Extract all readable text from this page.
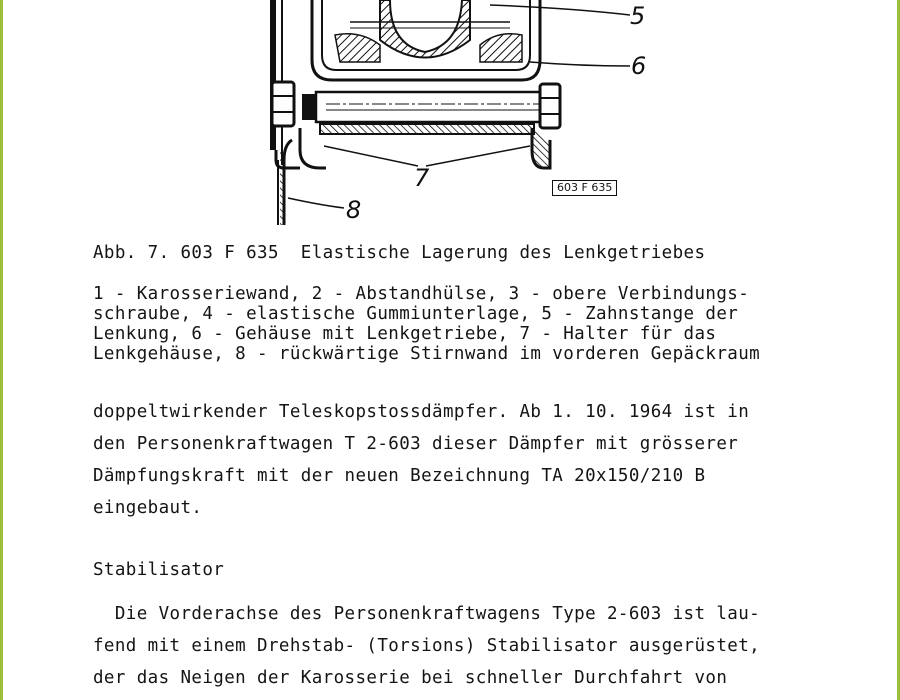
5
6
7
8
603 F 635
Abb. 7. 603 F 635  Elastische Lagerung des Lenkgetriebes
1 - Karosseriewand, 2 - Abstandhülse, 3 - obere Verbindungs-
schraube, 4 - elastische Gummiunterlage, 5 - Zahnstange der
Lenkung, 6 - Gehäuse mit Lenkgetriebe, 7 - Halter für das
Lenkgehäuse, 8 - rückwärtige Stirnwand im vorderen Gepäckraum
doppeltwirkender Teleskopstossdämpfer. Ab 1. 10. 1964 ist in
den Personenkraftwagen T 2-603 dieser Dämpfer mit grösserer
Dämpfungskraft mit der neuen Bezeichnung TA 20x150/210 B
eingebaut.
Stabilisator
Die Vorderachse des Personenkraftwagens Type 2-603 ist lau-
fend mit einem Drehstab- (Torsions) Stabilisator ausgerüstet,
der das Neigen der Karosserie bei schneller Durchfahrt von
